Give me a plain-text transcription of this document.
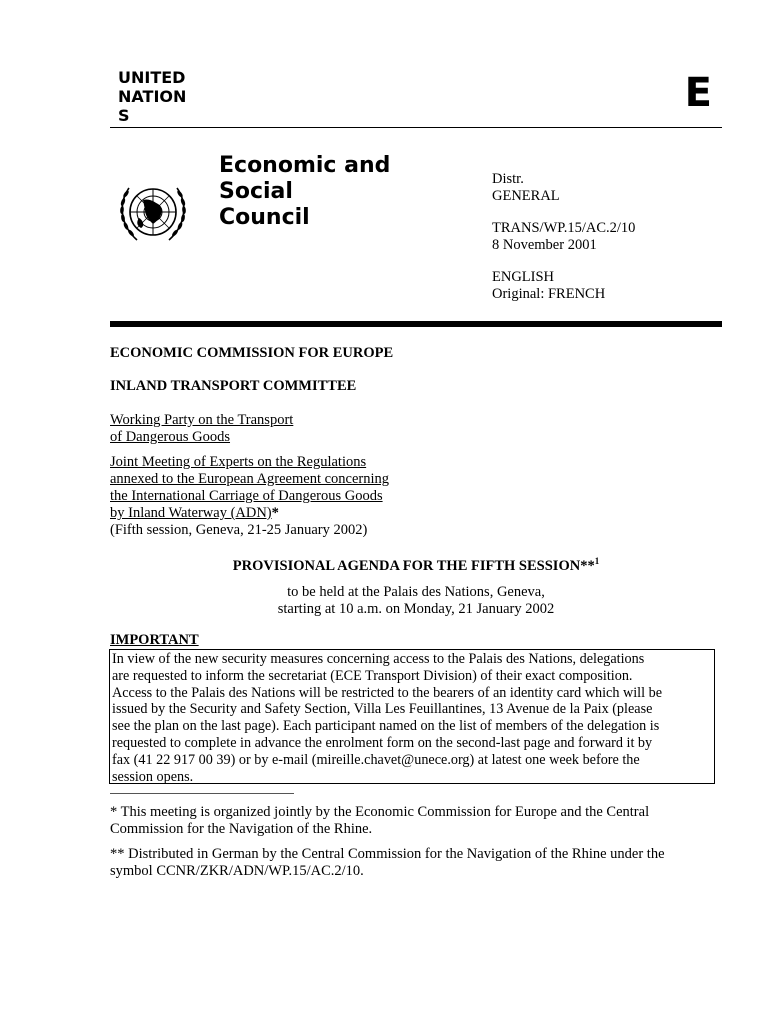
UNITED
NATION
S	E
Economic and
Social
Council
Distr.
GENERAL
TRANS/WP.15/AC.2/10
8 November 2001
ENGLISH
Original: FRENCH
ECONOMIC COMMISSION FOR EUROPE
INLAND TRANSPORT COMMITTEE
Working Party on the Transport
of Dangerous Goods
Joint Meeting of Experts on the Regulations
annexed to the European Agreement concerning
the International Carriage of Dangerous Goods
by Inland Waterway (ADN)*
(Fifth session, Geneva, 21-25 January 2002)
PROVISIONAL AGENDA FOR THE FIFTH SESSION**$^1$
to be held at the Palais des Nations, Geneva,
starting at 10 a.m. on Monday, 21 January 2002
IMPORTANT
In view of the new security measures concerning access to the Palais des Nations, delegations
are requested to inform the secretariat (ECE Transport Division) of their exact composition.
Access to the Palais des Nations will be restricted to the bearers of an identity card which will be
issued by the Security and Safety Section, Villa Les Feuillantines, 13 Avenue de la Paix (please
see the plan on the last page). Each participant named on the list of members of the delegation is
requested to complete in advance the enrolment form on the second-last page and forward it by
fax (41 22 917 00 39) or by e-mail (mireille.chavet@unece.org) at latest one week before the
session opens.
* This meeting is organized jointly by the Economic Commission for Europe and the Central
Commission for the Navigation of the Rhine.
** Distributed in German by the Central Commission for the Navigation of the Rhine under the
symbol CCNR/ZKR/ADN/WP.15/AC.2/10.
